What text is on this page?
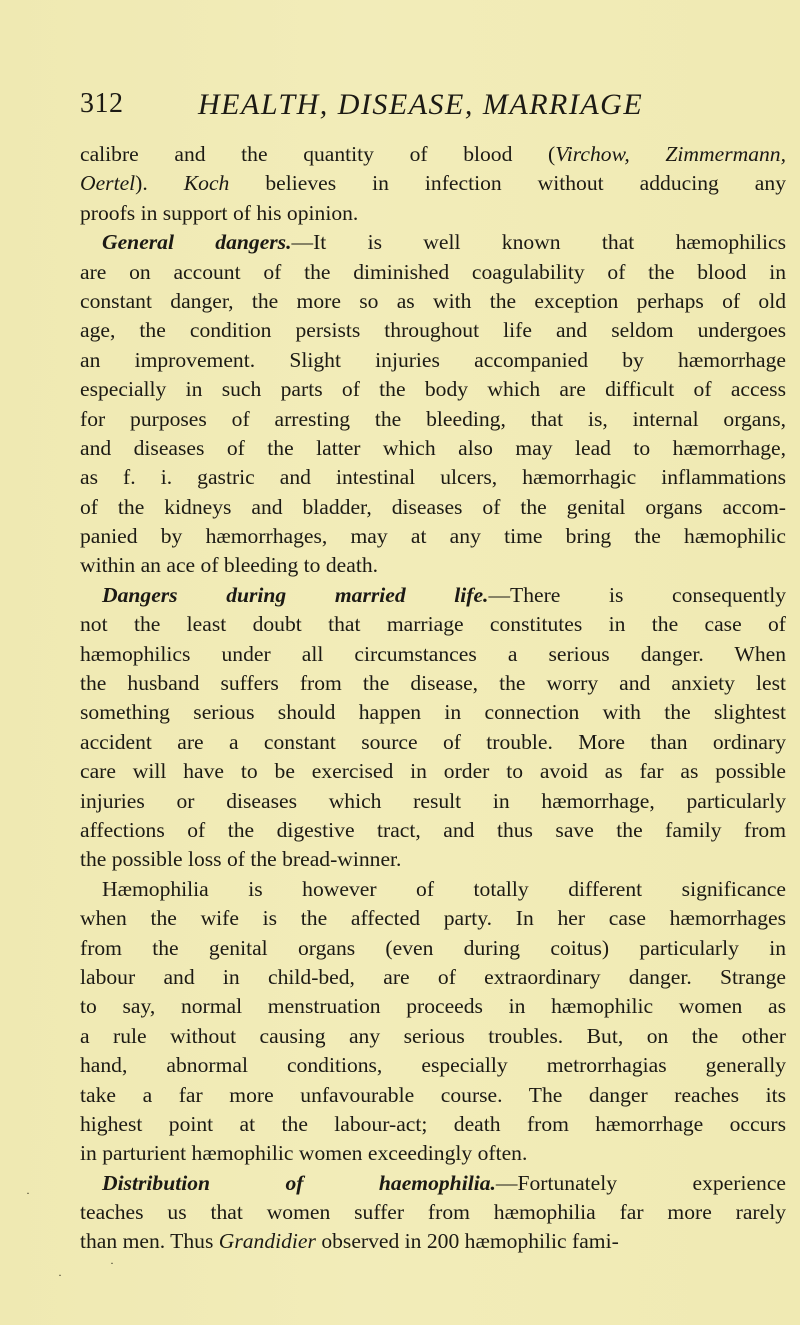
312 HEALTH, DISEASE, MARRIAGE
calibre and the quantity of blood (Virchow, Zimmermann,
Oertel). Koch believes in infection without adducing any
proofs in support of his opinion.
General dangers.—It is well known that hæmophilics
are on account of the diminished coagulability of the blood in
constant danger, the more so as with the exception perhaps of old
age, the condition persists throughout life and seldom undergoes
an improvement. Slight injuries accompanied by hæmorrhage
especially in such parts of the body which are difficult of access
for purposes of arresting the bleeding, that is, internal organs,
and diseases of the latter which also may lead to hæmorrhage,
as f. i. gastric and intestinal ulcers, hæmorrhagic inflammations
of the kidneys and bladder, diseases of the genital organs accom-
panied by hæmorrhages, may at any time bring the hæmophilic
within an ace of bleeding to death.
Dangers during married life.—There is consequently
not the least doubt that marriage constitutes in the case of
hæmophilics under all circumstances a serious danger. When
the husband suffers from the disease, the worry and anxiety lest
something serious should happen in connection with the slightest
accident are a constant source of trouble. More than ordinary
care will have to be exercised in order to avoid as far as possible
injuries or diseases which result in hæmorrhage, particularly
affections of the digestive tract, and thus save the family from
the possible loss of the bread-winner.
Hæmophilia is however of totally different significance
when the wife is the affected party. In her case hæmorrhages
from the genital organs (even during coitus) particularly in
labour and in child-bed, are of extraordinary danger. Strange
to say, normal menstruation proceeds in hæmophilic women as
a rule without causing any serious troubles. But, on the other
hand, abnormal conditions, especially metrorrhagias generally
take a far more unfavourable course. The danger reaches its
highest point at the labour-act; death from hæmorrhage occurs
in parturient hæmophilic women exceedingly often.
Distribution of haemophilia.—Fortunately experience
teaches us that women suffer from hæmophilia far more rarely
than men. Thus Grandidier observed in 200 hæmophilic fami-
·
·
·
